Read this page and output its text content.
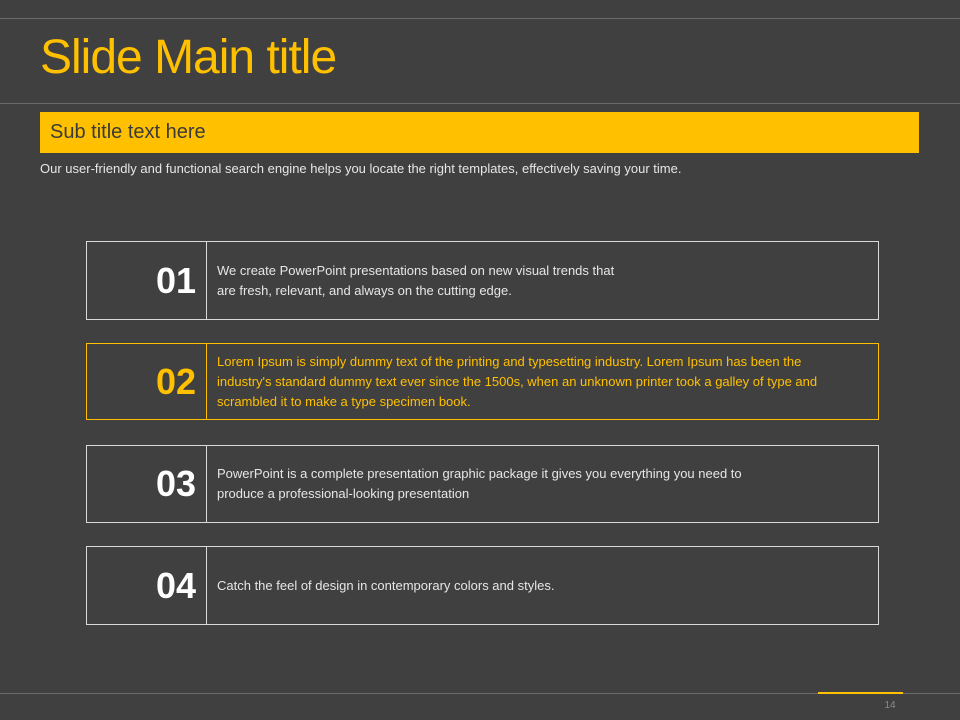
Slide Main title
Sub title text here
Our user-friendly and functional search engine helps you locate the right templates, effectively saving your time.
01	We create PowerPoint presentations based on new visual trends that are fresh, relevant, and always on the cutting edge.
02	Lorem Ipsum is simply dummy text of the printing and typesetting industry. Lorem Ipsum has been the industry's standard dummy text ever since the 1500s, when an unknown printer took a galley of type and scrambled it to make a type specimen book.
03	PowerPoint is a complete presentation graphic package it gives you everything you need to produce a professional-looking presentation
04	Catch the feel of design in contemporary colors and styles.
14
